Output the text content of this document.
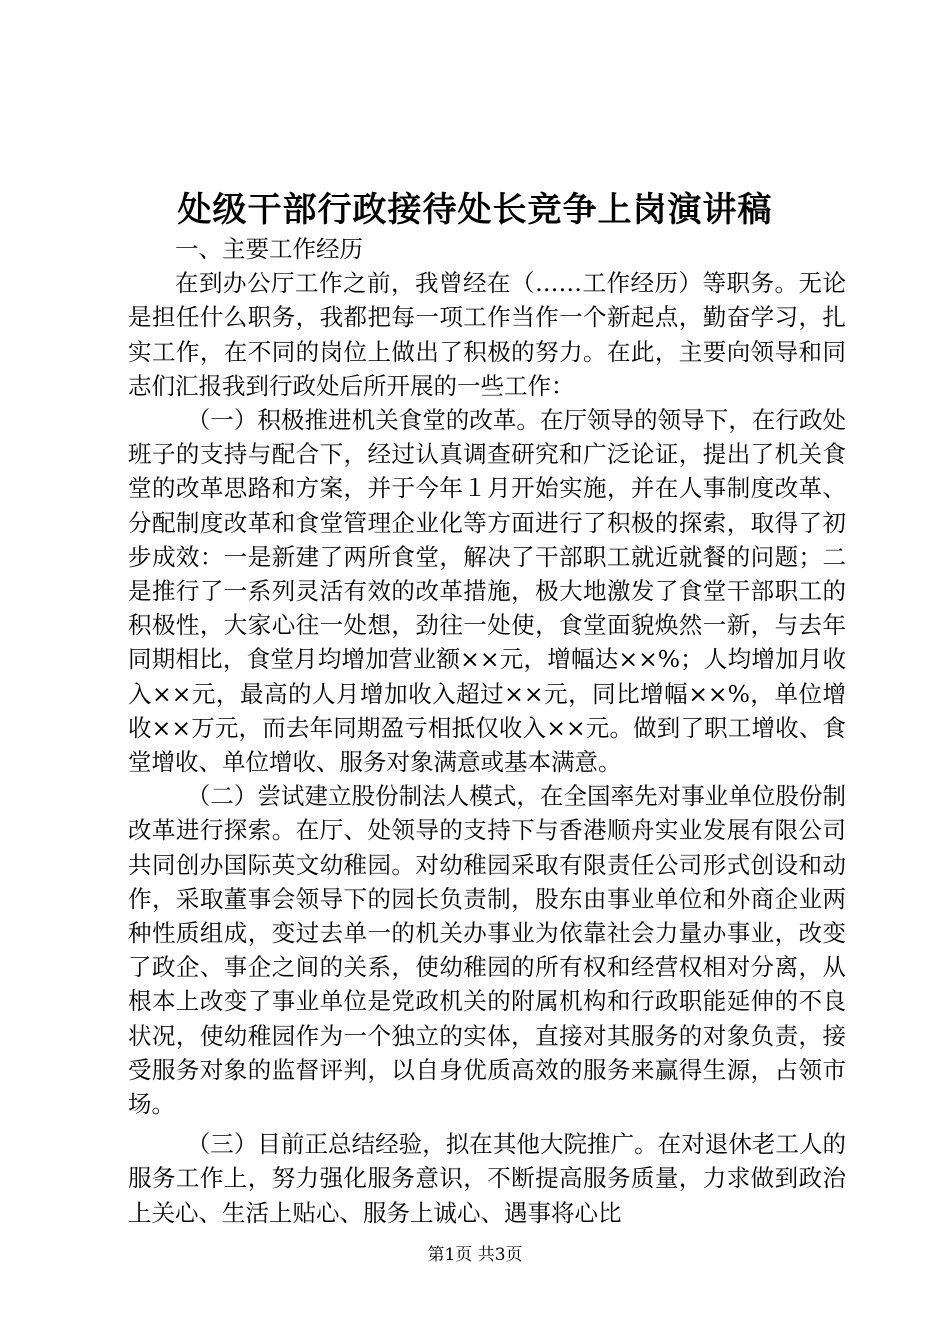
处级干部行政接待处长竞争上岗演讲稿

一、主要工作经历

在到办公厅工作之前，我曾经在（……工作经历）等职务。无论是担任什么职务，我都把每一项工作当作一个新起点，勤奋学习，扎实工作，在不同的岗位上做出了积极的努力。在此，主要向领导和同志们汇报我到行政处后所开展的一些工作：

（一）积极推进机关食堂的改革。在厅领导的领导下，在行政处班子的支持与配合下，经过认真调查研究和广泛论证，提出了机关食堂的改革思路和方案，并于今年１月开始实施，并在人事制度改革、分配制度改革和食堂管理企业化等方面进行了积极的探索，取得了初步成效：一是新建了两所食堂，解决了干部职工就近就餐的问题；二是推行了一系列灵活有效的改革措施，极大地激发了食堂干部职工的积极性，大家心往一处想，劲往一处使，食堂面貌焕然一新，与去年同期相比，食堂月均增加营业额××元，增幅达××%；人均增加月收入××元，最高的人月增加收入超过××元，同比增幅××%，单位增收××万元，而去年同期盈亏相抵仅收入××元。做到了职工增收、食堂增收、单位增收、服务对象满意或基本满意。

（二）尝试建立股份制法人模式，在全国率先对事业单位股份制改革进行探索。在厅、处领导的支持下与香港顺舟实业发展有限公司共同创办国际英文幼稚园。对幼稚园采取有限责任公司形式创设和动作，采取董事会领导下的园长负责制，股东由事业单位和外商企业两种性质组成，变过去单一的机关办事业为依靠社会力量办事业，改变了政企、事企之间的关系，使幼稚园的所有权和经营权相对分离，从根本上改变了事业单位是党政机关的附属机构和行政职能延伸的不良状况，使幼稚园作为一个独立的实体，直接对其服务的对象负责，接受服务对象的监督评判，以自身优质高效的服务来赢得生源，占领市场。

（三）目前正总结经验，拟在其他大院推广。在对退休老工人的服务工作上，努力强化服务意识，不断提高服务质量，力求做到政治上关心、生活上贴心、服务上诚心、遇事将心比

第1页 共3页
